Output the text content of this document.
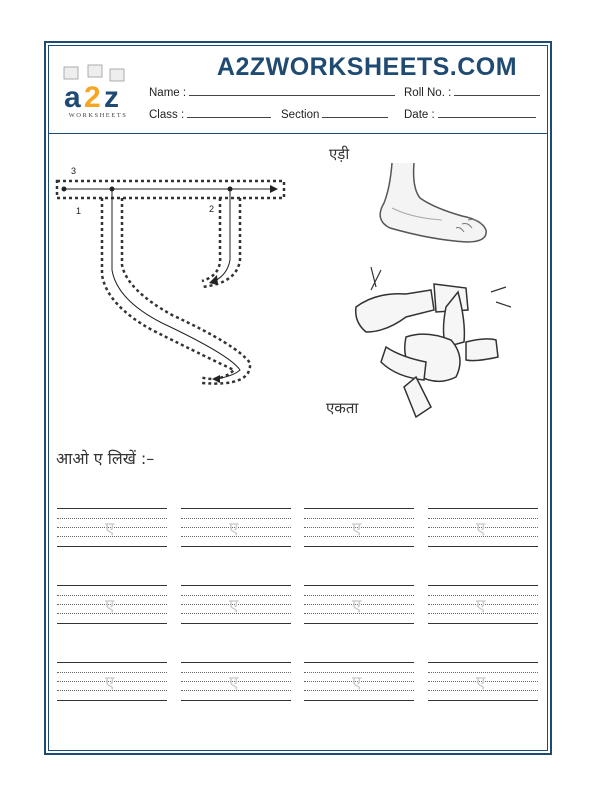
a 2 z
WORKSHEETS
A2ZWORKSHEETS.COM
Name :	Roll No. :
Class :	Section	Date :
3
1	2
एड़ी
एकता
आओ ए लिखें :–
ए	ए	ए	ए
ए	ए	ए	ए
ए	ए	ए	ए
